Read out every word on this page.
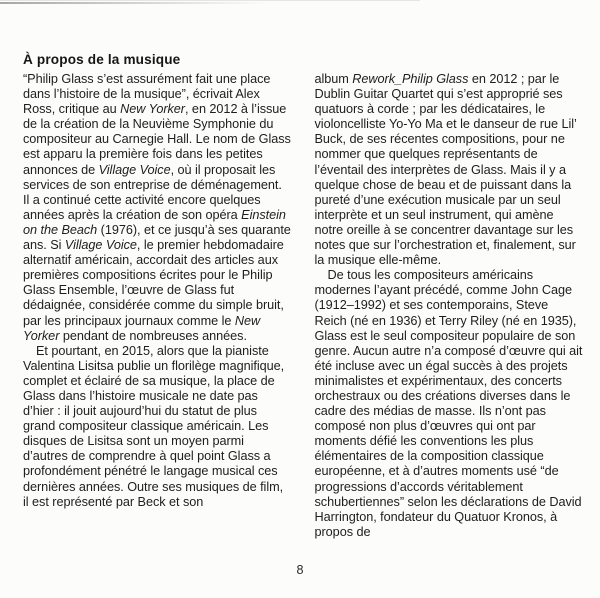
À propos de la musique

“Philip Glass s’est assurément fait une place dans l’histoire de la musique”, écrivait Alex Ross, critique au New Yorker, en 2012 à l’issue de la création de la Neuvième Symphonie du compositeur au Carnegie Hall. Le nom de Glass est apparu la première fois dans les petites annonces de Village Voice, où il proposait les services de son entreprise de déménagement. Il a continué cette activité encore quelques années après la création de son opéra Einstein on the Beach (1976), et ce jusqu’à ses quarante ans. Si Village Voice, le premier hebdomadaire alternatif américain, accordait des articles aux premières compositions écrites pour le Philip Glass Ensemble, l’œuvre de Glass fut dédaignée, considérée comme du simple bruit, par les principaux journaux comme le New Yorker pendant de nombreuses années.

Et pourtant, en 2015, alors que la pianiste Valentina Lisitsa publie un florilège magnifique, complet et éclairé de sa musique, la place de Glass dans l’histoire musicale ne date pas d’hier : il jouit aujourd’hui du statut de plus grand compositeur classique américain. Les disques de Lisitsa sont un moyen parmi d’autres de comprendre à quel point Glass a profondément pénétré le langage musical ces dernières années. Outre ses musiques de film, il est représenté par Beck et son

album Rework_Philip Glass en 2012 ; par le Dublin Guitar Quartet qui s’est approprié ses quatuors à corde ; par les dédicataires, le violoncelliste Yo-Yo Ma et le danseur de rue Lil’ Buck, de ses récentes compositions, pour ne nommer que quelques représentants de l’éventail des interprètes de Glass. Mais il y a quelque chose de beau et de puissant dans la pureté d’une exécution musicale par un seul interprète et un seul instrument, qui amène notre oreille à se concentrer davantage sur les notes que sur l’orchestration et, finalement, sur la musique elle-même.

De tous les compositeurs américains modernes l’ayant précédé, comme John Cage (1912–1992) et ses contemporains, Steve Reich (né en 1936) et Terry Riley (né en 1935), Glass est le seul compositeur populaire de son genre. Aucun autre n’a composé d’œuvre qui ait été incluse avec un égal succès à des projets minimalistes et expérimentaux, des concerts orchestraux ou des créations diverses dans le cadre des médias de masse. Ils n’ont pas composé non plus d’œuvres qui ont par moments défié les conventions les plus élémentaires de la composition classique européenne, et à d’autres moments usé “de progressions d’accords véritablement schubertiennes” selon les déclarations de David Harrington, fondateur du Quatuor Kronos, à propos de

8
